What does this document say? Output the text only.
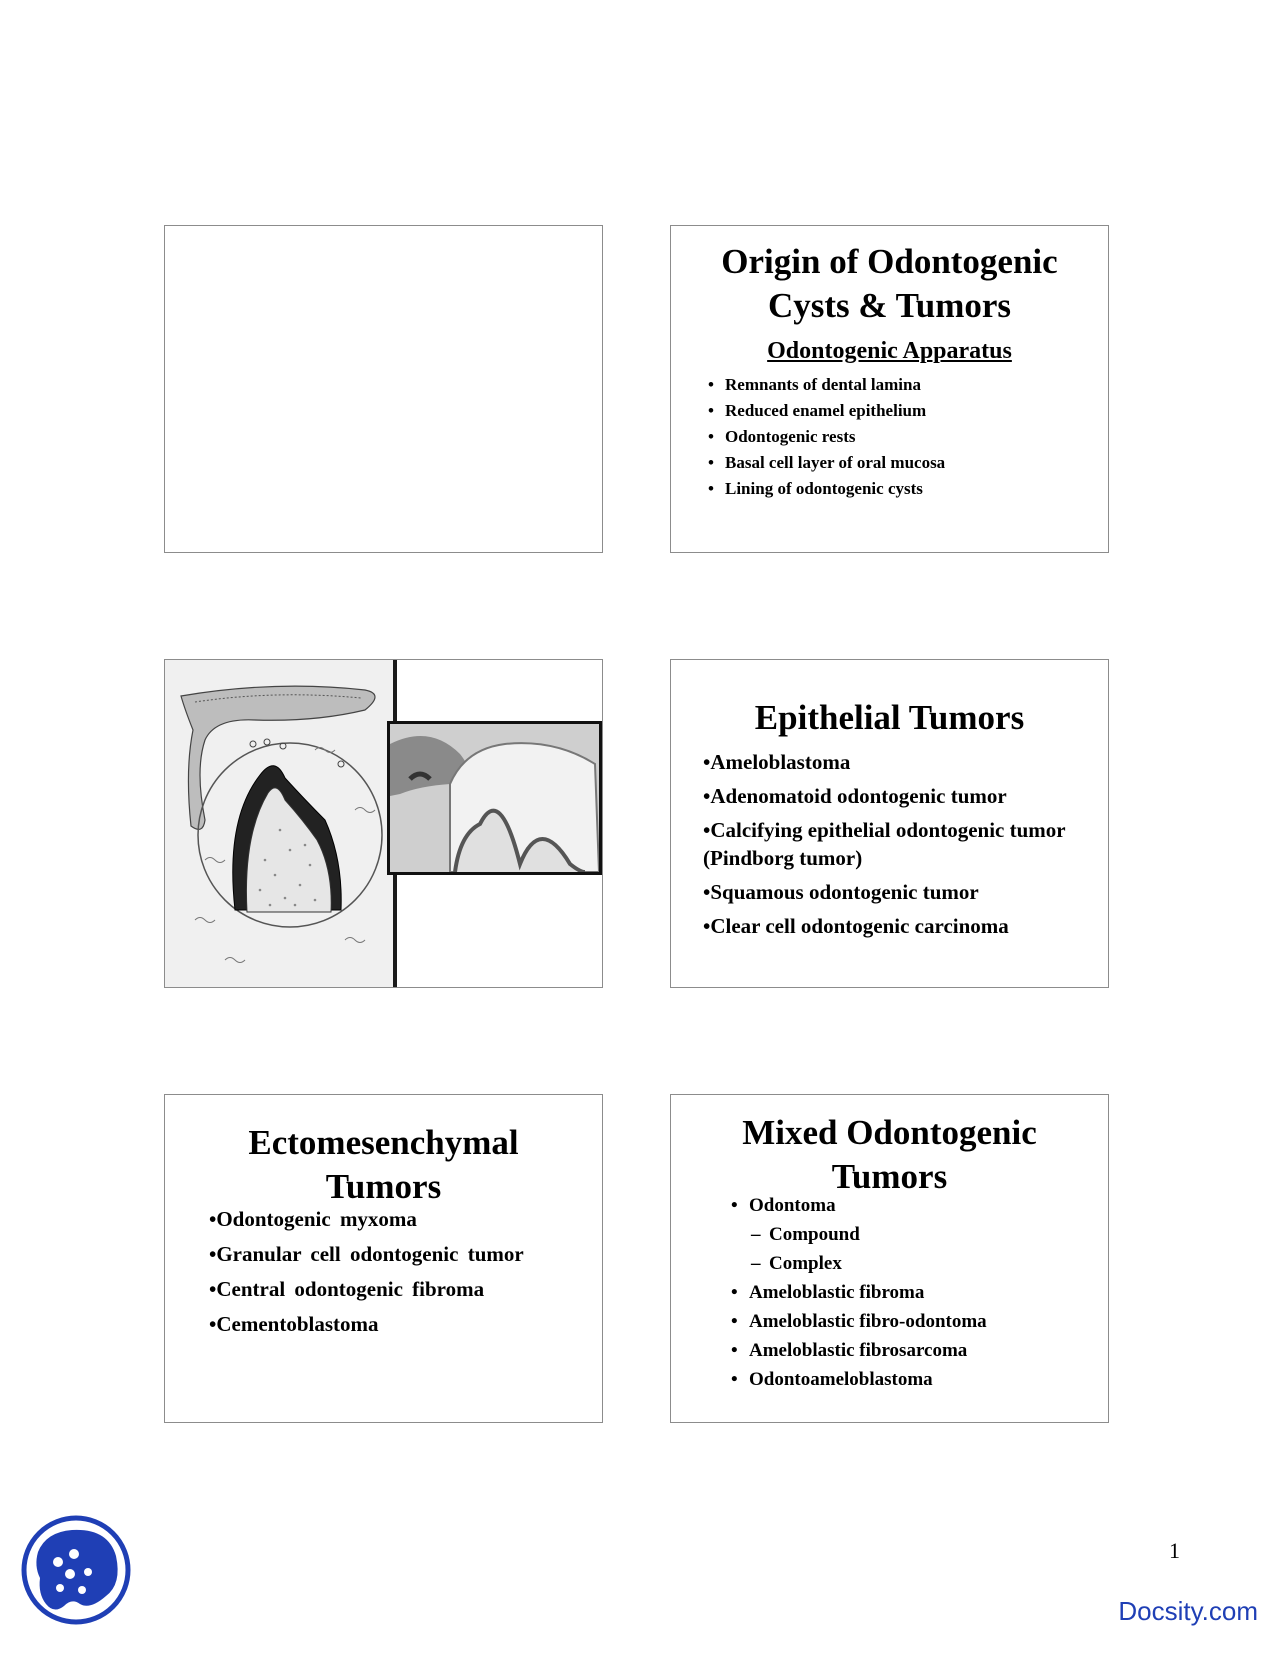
Origin of Odontogenic
Cysts & Tumors
Odontogenic Apparatus
• Remnants of dental lamina
• Reduced enamel epithelium
• Odontogenic rests
• Basal cell layer of oral mucosa
• Lining of odontogenic cysts
Epithelial Tumors
•Ameloblastoma
•Adenomatoid odontogenic tumor
•Calcifying epithelial odontogenic tumor (Pindborg tumor)
•Squamous odontogenic tumor
•Clear cell odontogenic carcinoma
Ectomesenchymal
Tumors
•Odontogenic myxoma
•Granular cell odontogenic tumor
•Central odontogenic fibroma
•Cementoblastoma
Mixed Odontogenic
Tumors
• Odontoma
– Compound
– Complex
• Ameloblastic fibroma
• Ameloblastic fibro-odontoma
• Ameloblastic fibrosarcoma
• Odontoameloblastoma
1
Docsity.com
